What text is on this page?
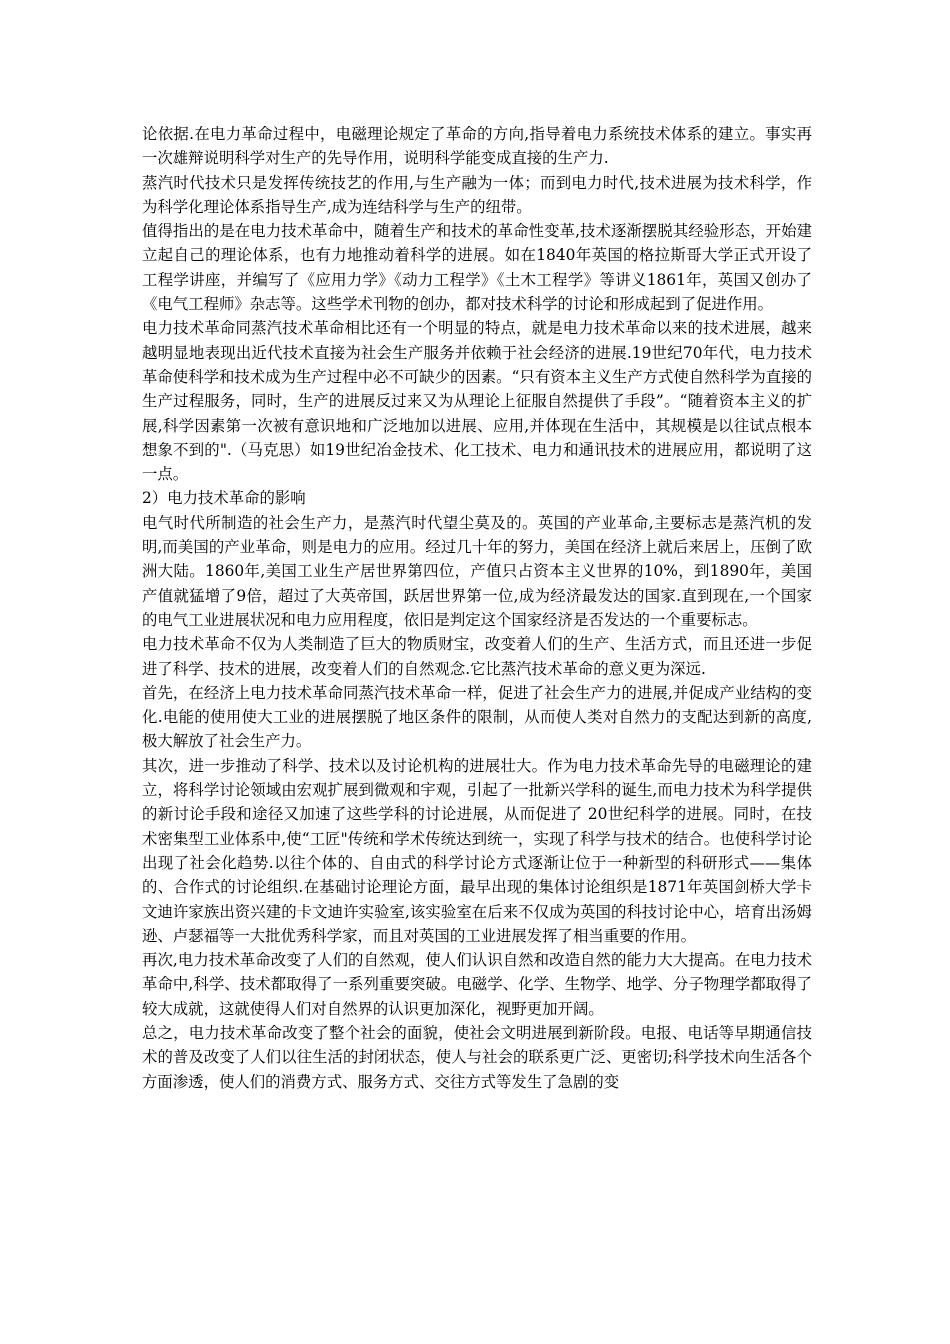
论依据.在电力革命过程中，电磁理论规定了革命的方向,指导着电力系统技术体系的建立。事实再一次雄辩说明科学对生产的先导作用，说明科学能变成直接的生产力.

蒸汽时代技术只是发挥传统技艺的作用,与生产融为一体；而到电力时代,技术进展为技术科学，作为科学化理论体系指导生产,成为连结科学与生产的纽带。

值得指出的是在电力技术革命中，随着生产和技术的革命性变革,技术逐渐摆脱其经验形态，开始建立起自己的理论体系，也有力地推动着科学的进展。如在1840年英国的格拉斯哥大学正式开设了工程学讲座，并编写了《应用力学》《动力工程学》《土木工程学》等讲义1861年，英国又创办了《电气工程师》杂志等。这些学术刊物的创办，都对技术科学的讨论和形成起到了促进作用。

电力技术革命同蒸汽技术革命相比还有一个明显的特点，就是电力技术革命以来的技术进展，越来越明显地表现出近代技术直接为社会生产服务并依赖于社会经济的进展.19世纪70年代，电力技术革命使科学和技术成为生产过程中必不可缺少的因素。“只有资本主义生产方式使自然科学为直接的生产过程服务，同时，生产的进展反过来又为从理论上征服自然提供了手段”。“随着资本主义的扩展,科学因素第一次被有意识地和广泛地加以进展、应用,并体现在生活中，其规模是以往试点根本想象不到的".（马克思）如19世纪冶金技术、化工技术、电力和通讯技术的进展应用，都说明了这一点。

2）电力技术革命的影响

电气时代所制造的社会生产力，是蒸汽时代望尘莫及的。英国的产业革命,主要标志是蒸汽机的发明,而美国的产业革命，则是电力的应用。经过几十年的努力，美国在经济上就后来居上，压倒了欧洲大陆。1860年,美国工业生产居世界第四位，产值只占资本主义世界的10%，到1890年，美国产值就猛增了9倍，超过了大英帝国，跃居世界第一位,成为经济最发达的国家.直到现在,一个国家的电气工业进展状况和电力应用程度，依旧是判定这个国家经济是否发达的一个重要标志。

电力技术革命不仅为人类制造了巨大的物质财宝，改变着人们的生产、生活方式，而且还进一步促进了科学、技术的进展，改变着人们的自然观念.它比蒸汽技术革命的意义更为深远.

首先，在经济上电力技术革命同蒸汽技术革命一样，促进了社会生产力的进展,并促成产业结构的变化.电能的使用使大工业的进展摆脱了地区条件的限制，从而使人类对自然力的支配达到新的高度,极大解放了社会生产力。

其次，进一步推动了科学、技术以及讨论机构的进展壮大。作为电力技术革命先导的电磁理论的建立，将科学讨论领域由宏观扩展到微观和宇观，引起了一批新兴学科的诞生,而电力技术为科学提供的新讨论手段和途径又加速了这些学科的讨论进展，从而促进了 20世纪科学的进展。同时，在技术密集型工业体系中,使“工匠"传统和学术传统达到统一，实现了科学与技术的结合。也使科学讨论出现了社会化趋势.以往个体的、自由式的科学讨论方式逐渐让位于一种新型的科研形式——集体的、合作式的讨论组织.在基础讨论理论方面，最早出现的集体讨论组织是1871年英国剑桥大学卡文迪许家族出资兴建的卡文迪许实验室,该实验室在后来不仅成为英国的科技讨论中心，培育出汤姆逊、卢瑟福等一大批优秀科学家，而且对英国的工业进展发挥了相当重要的作用。

再次,电力技术革命改变了人们的自然观，使人们认识自然和改造自然的能力大大提高。在电力技术革命中,科学、技术都取得了一系列重要突破。电磁学、化学、生物学、地学、分子物理学都取得了较大成就，这就使得人们对自然界的认识更加深化，视野更加开阔。

总之，电力技术革命改变了整个社会的面貌，使社会文明进展到新阶段。电报、电话等早期通信技术的普及改变了人们以往生活的封闭状态，使人与社会的联系更广泛、更密切;科学技术向生活各个方面渗透，使人们的消费方式、服务方式、交往方式等发生了急剧的变
